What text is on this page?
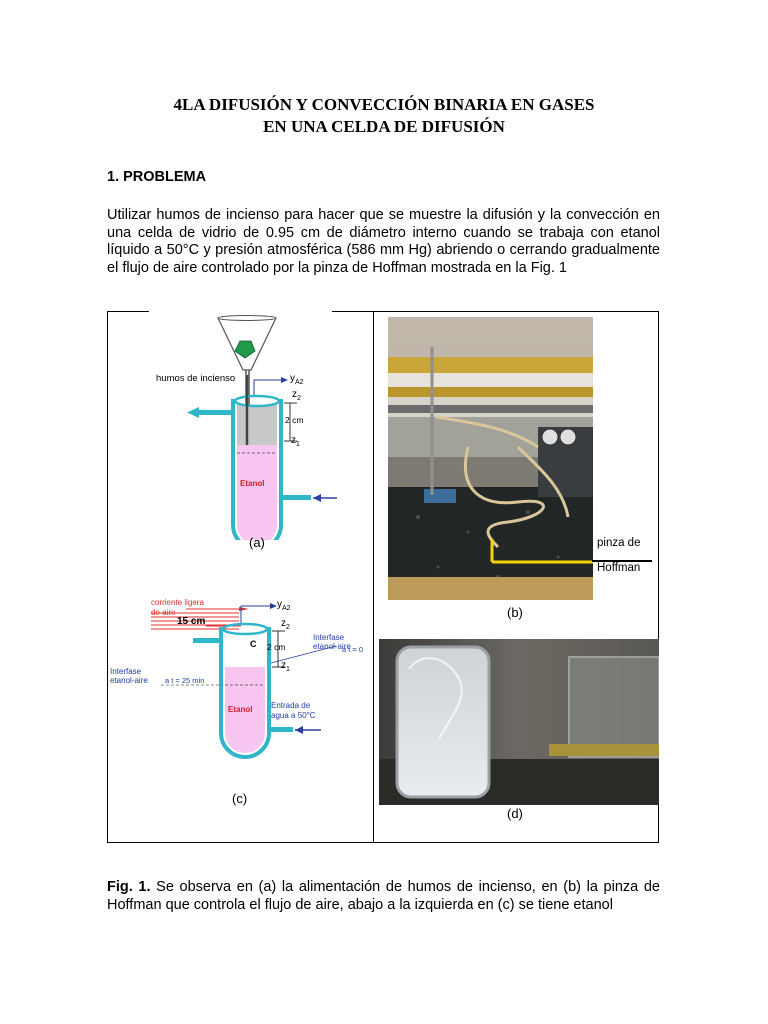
4LA DIFUSIÓN Y CONVECCIÓN BINARIA EN GASES
EN UNA CELDA DE DIFUSIÓN
1. PROBLEMA
Utilizar humos de incienso para hacer que se muestre la difusión y la convección en una celda de vidrio de 0.95 cm de diámetro interno cuando se trabaja con etanol líquido a 50°C y presión atmosférica (586 mm Hg) abriendo o cerrando gradualmente el flujo de aire controlado por la pinza de Hoffman mostrada en la Fig. 1
humos de incienso	$y_{A2}$
$z_2$
2 cm
$z_1$
Etanol
(a)
corriente ligera
de aire
15 cm
$y_{A2}$
$z_2$
C 2 cm
$z_1$
Interfase
etanol-aire
a t = 0
Interfase
etanol-aire a t = 25 min
Etanol Entrada de
agua a 50°C
(c)
pinza de
Hoffman
(b)
(d)
Fig. 1. Se observa en (a) la alimentación de humos de incienso, en (b) la pinza de Hoffman que controla el flujo de aire, abajo a la izquierda en (c) se tiene etanol
